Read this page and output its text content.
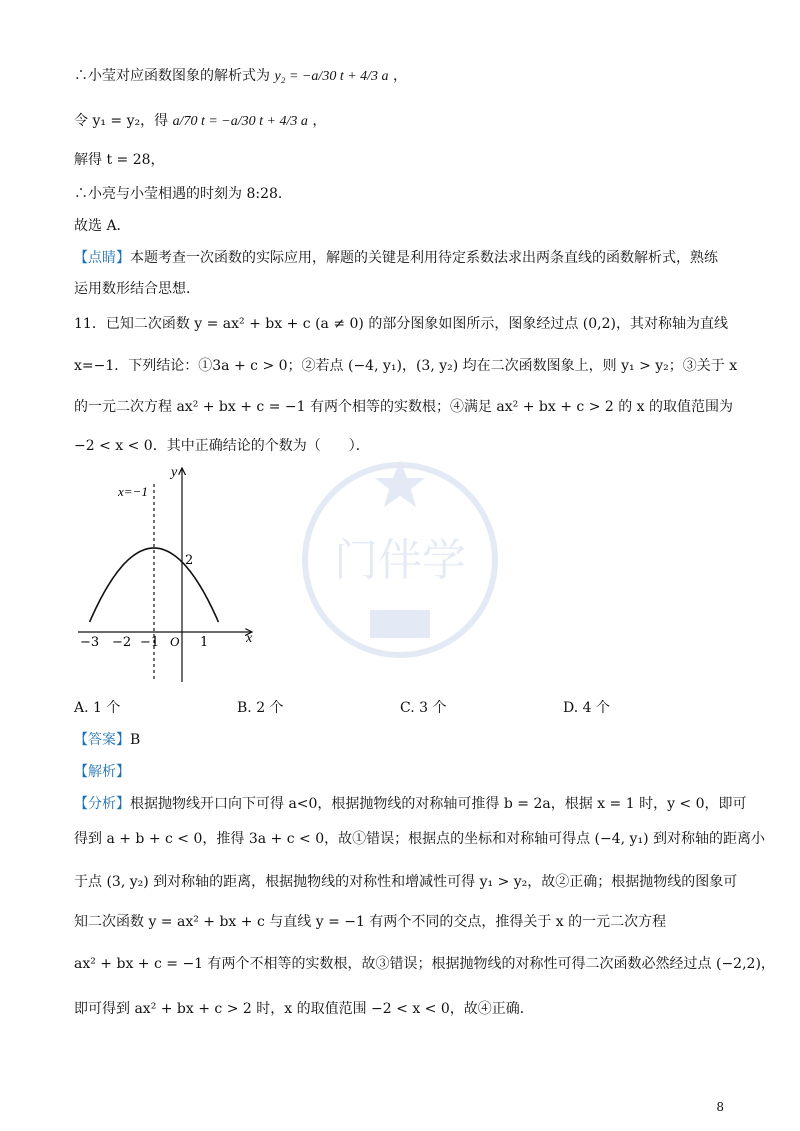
∴小莹对应函数图象的解析式为 y₂ = −a/30 t + 4/3 a ，
令 y₁ = y₂，得 a/70 t = −a/30 t + 4/3 a ，
解得 t = 28，
∴小亮与小莹相遇的时刻为 8:28．
故选 A．
【点睛】本题考查一次函数的实际应用，解题的关键是利用待定系数法求出两条直线的函数解析式，熟练
运用数形结合思想．
11．已知二次函数 y = ax² + bx + c (a ≠ 0) 的部分图象如图所示，图象经过点 (0,2)，其对称轴为直线
x=−1．下列结论：①3a + c > 0；②若点 (−4, y₁)，(3, y₂) 均在二次函数图象上，则 y₁ > y₂；③关于 x
的一元二次方程 ax² + bx + c = −1 有两个相等的实数根；④满足 ax² + bx + c > 2 的 x 的取值范围为
−2 < x < 0．其中正确结论的个数为（　　）．
门伴学
x
y
O
−3 −2 −1	1
2
x=−1
A. 1 个	B. 2 个	C. 3 个	D. 4 个
【答案】B
【解析】
【分析】根据抛物线开口向下可得 a<0，根据抛物线的对称轴可推得 b = 2a，根据 x = 1 时，y < 0，即可
得到 a + b + c < 0，推得 3a + c < 0，故①错误；根据点的坐标和对称轴可得点 (−4, y₁) 到对称轴的距离小
于点 (3, y₂) 到对称轴的距离，根据抛物线的对称性和增减性可得 y₁ > y₂，故②正确；根据抛物线的图象可
知二次函数 y = ax² + bx + c 与直线 y = −1 有两个不同的交点，推得关于 x 的一元二次方程
ax² + bx + c = −1 有两个不相等的实数根，故③错误；根据抛物线的对称性可得二次函数必然经过点 (−2,2)，
即可得到 ax² + bx + c > 2 时，x 的取值范围 −2 < x < 0，故④正确．
8
